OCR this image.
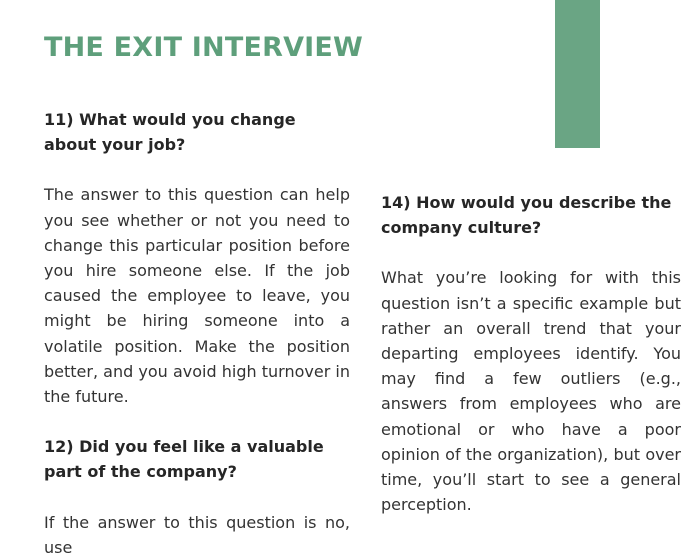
THE EXIT INTERVIEW
11) What would you change about your job?

The answer to this question can help you see whether or not you need to change this particular position before you hire someone else. If the job caused the employee to leave, you might be hiring someone into a volatile position. Make the position better, and you avoid high turnover in the future.

12) Did you feel like a valuable part of the company?

If the answer to this question is no, use

14) How would you describe the company culture?

What you’re looking for with this question isn’t a specific example but rather an overall trend that your departing employees identify. You may find a few outliers (e.g., answers from employees who are emotional or who have a poor opinion of the organization), but over time, you’ll start to see a general perception.
